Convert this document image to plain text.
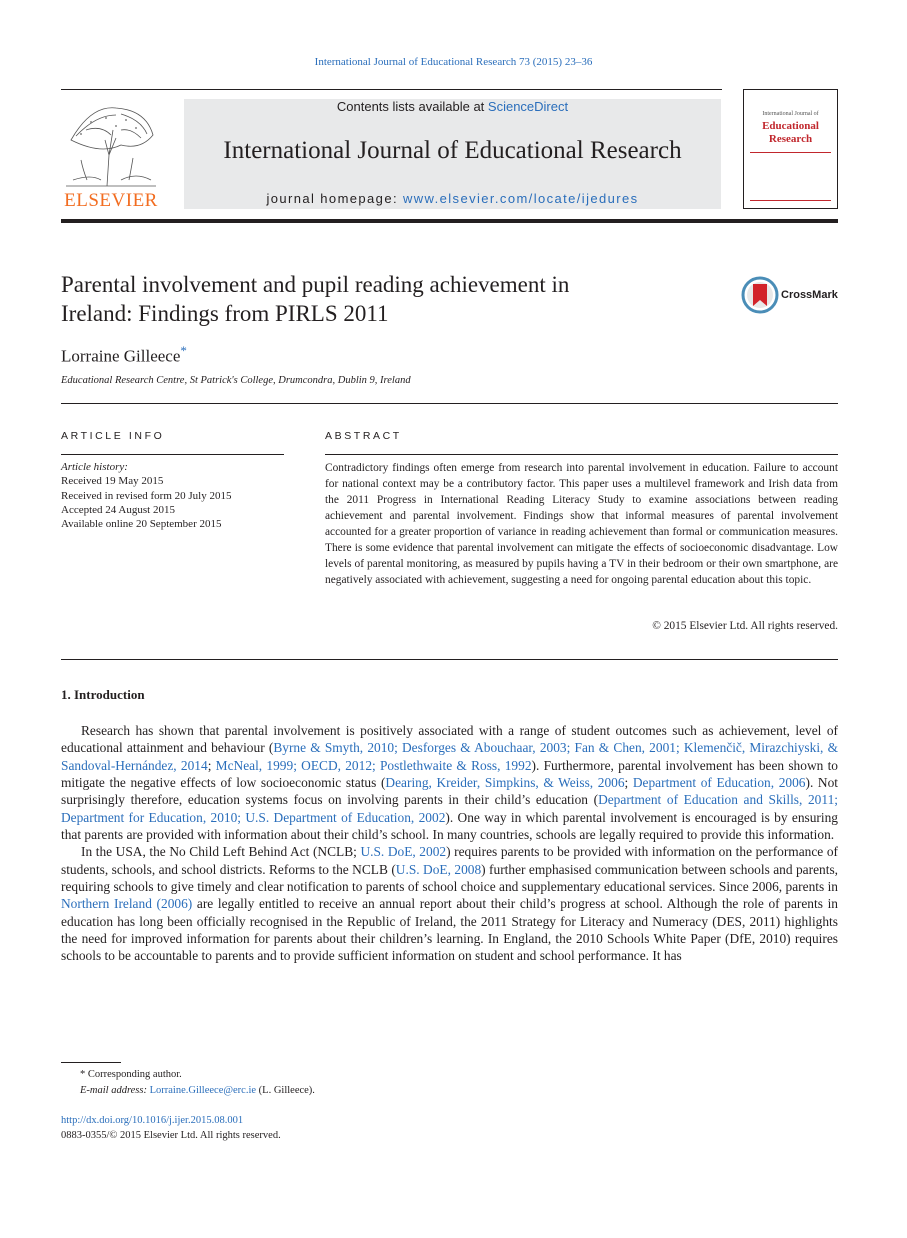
International Journal of Educational Research 73 (2015) 23–36
ELSEVIER
Contents lists available at ScienceDirect
International Journal of Educational Research
journal homepage: www.elsevier.com/locate/ijedures
International Journal of
Educational
Research
Parental involvement and pupil reading achievement in
Ireland: Findings from PIRLS 2011
CrossMark
Lorraine Gilleece*
Educational Research Centre, St Patrick's College, Drumcondra, Dublin 9, Ireland
ARTICLE INFO
Article history:
Received 19 May 2015
Received in revised form 20 July 2015
Accepted 24 August 2015
Available online 20 September 2015
ABSTRACT
Contradictory findings often emerge from research into parental involvement in education. Failure to account for national context may be a contributory factor. This paper uses a multilevel framework and Irish data from the 2011 Progress in International Reading Literacy Study to examine associations between reading achievement and parental involvement. Findings show that informal measures of parental involvement accounted for a greater proportion of variance in reading achievement than formal or communication measures. There is some evidence that parental involvement can mitigate the effects of socioeconomic disadvantage. Low levels of parental monitoring, as measured by pupils having a TV in their bedroom or their own smartphone, are negatively associated with achievement, suggesting a need for ongoing parental education about this topic.
© 2015 Elsevier Ltd. All rights reserved.
1. Introduction

Research has shown that parental involvement is positively associated with a range of student outcomes such as achievement, level of educational attainment and behaviour (Byrne & Smyth, 2010; Desforges & Abouchaar, 2003; Fan & Chen, 2001; Klemenčič, Mirazchiyski, & Sandoval-Hernández, 2014; McNeal, 1999; OECD, 2012; Postlethwaite & Ross, 1992). Furthermore, parental involvement has been shown to mitigate the negative effects of low socioeconomic status (Dearing, Kreider, Simpkins, & Weiss, 2006; Department of Education, 2006). Not surprisingly therefore, education systems focus on involving parents in their child’s education (Department of Education and Skills, 2011; Department for Education, 2010; U.S. Department of Education, 2002). One way in which parental involvement is encouraged is by ensuring that parents are provided with information about their child’s school. In many countries, schools are legally required to provide this information.

In the USA, the No Child Left Behind Act (NCLB; U.S. DoE, 2002) requires parents to be provided with information on the performance of students, schools, and school districts. Reforms to the NCLB (U.S. DoE, 2008) further emphasised communication between schools and parents, requiring schools to give timely and clear notification to parents of school choice and supplementary educational services. Since 2006, parents in Northern Ireland (2006) are legally entitled to receive an annual report about their child’s progress at school. Although the role of parents in education has long been officially recognised in the Republic of Ireland, the 2011 Strategy for Literacy and Numeracy (DES, 2011) highlights the need for improved information for parents about their children’s learning. In England, the 2010 Schools White Paper (DfE, 2010) requires schools to be accountable to parents and to provide sufficient information on student and school performance. It has

* Corresponding author.
E-mail address: Lorraine.Gilleece@erc.ie (L. Gilleece).
http://dx.doi.org/10.1016/j.ijer.2015.08.001
0883-0355/© 2015 Elsevier Ltd. All rights reserved.
